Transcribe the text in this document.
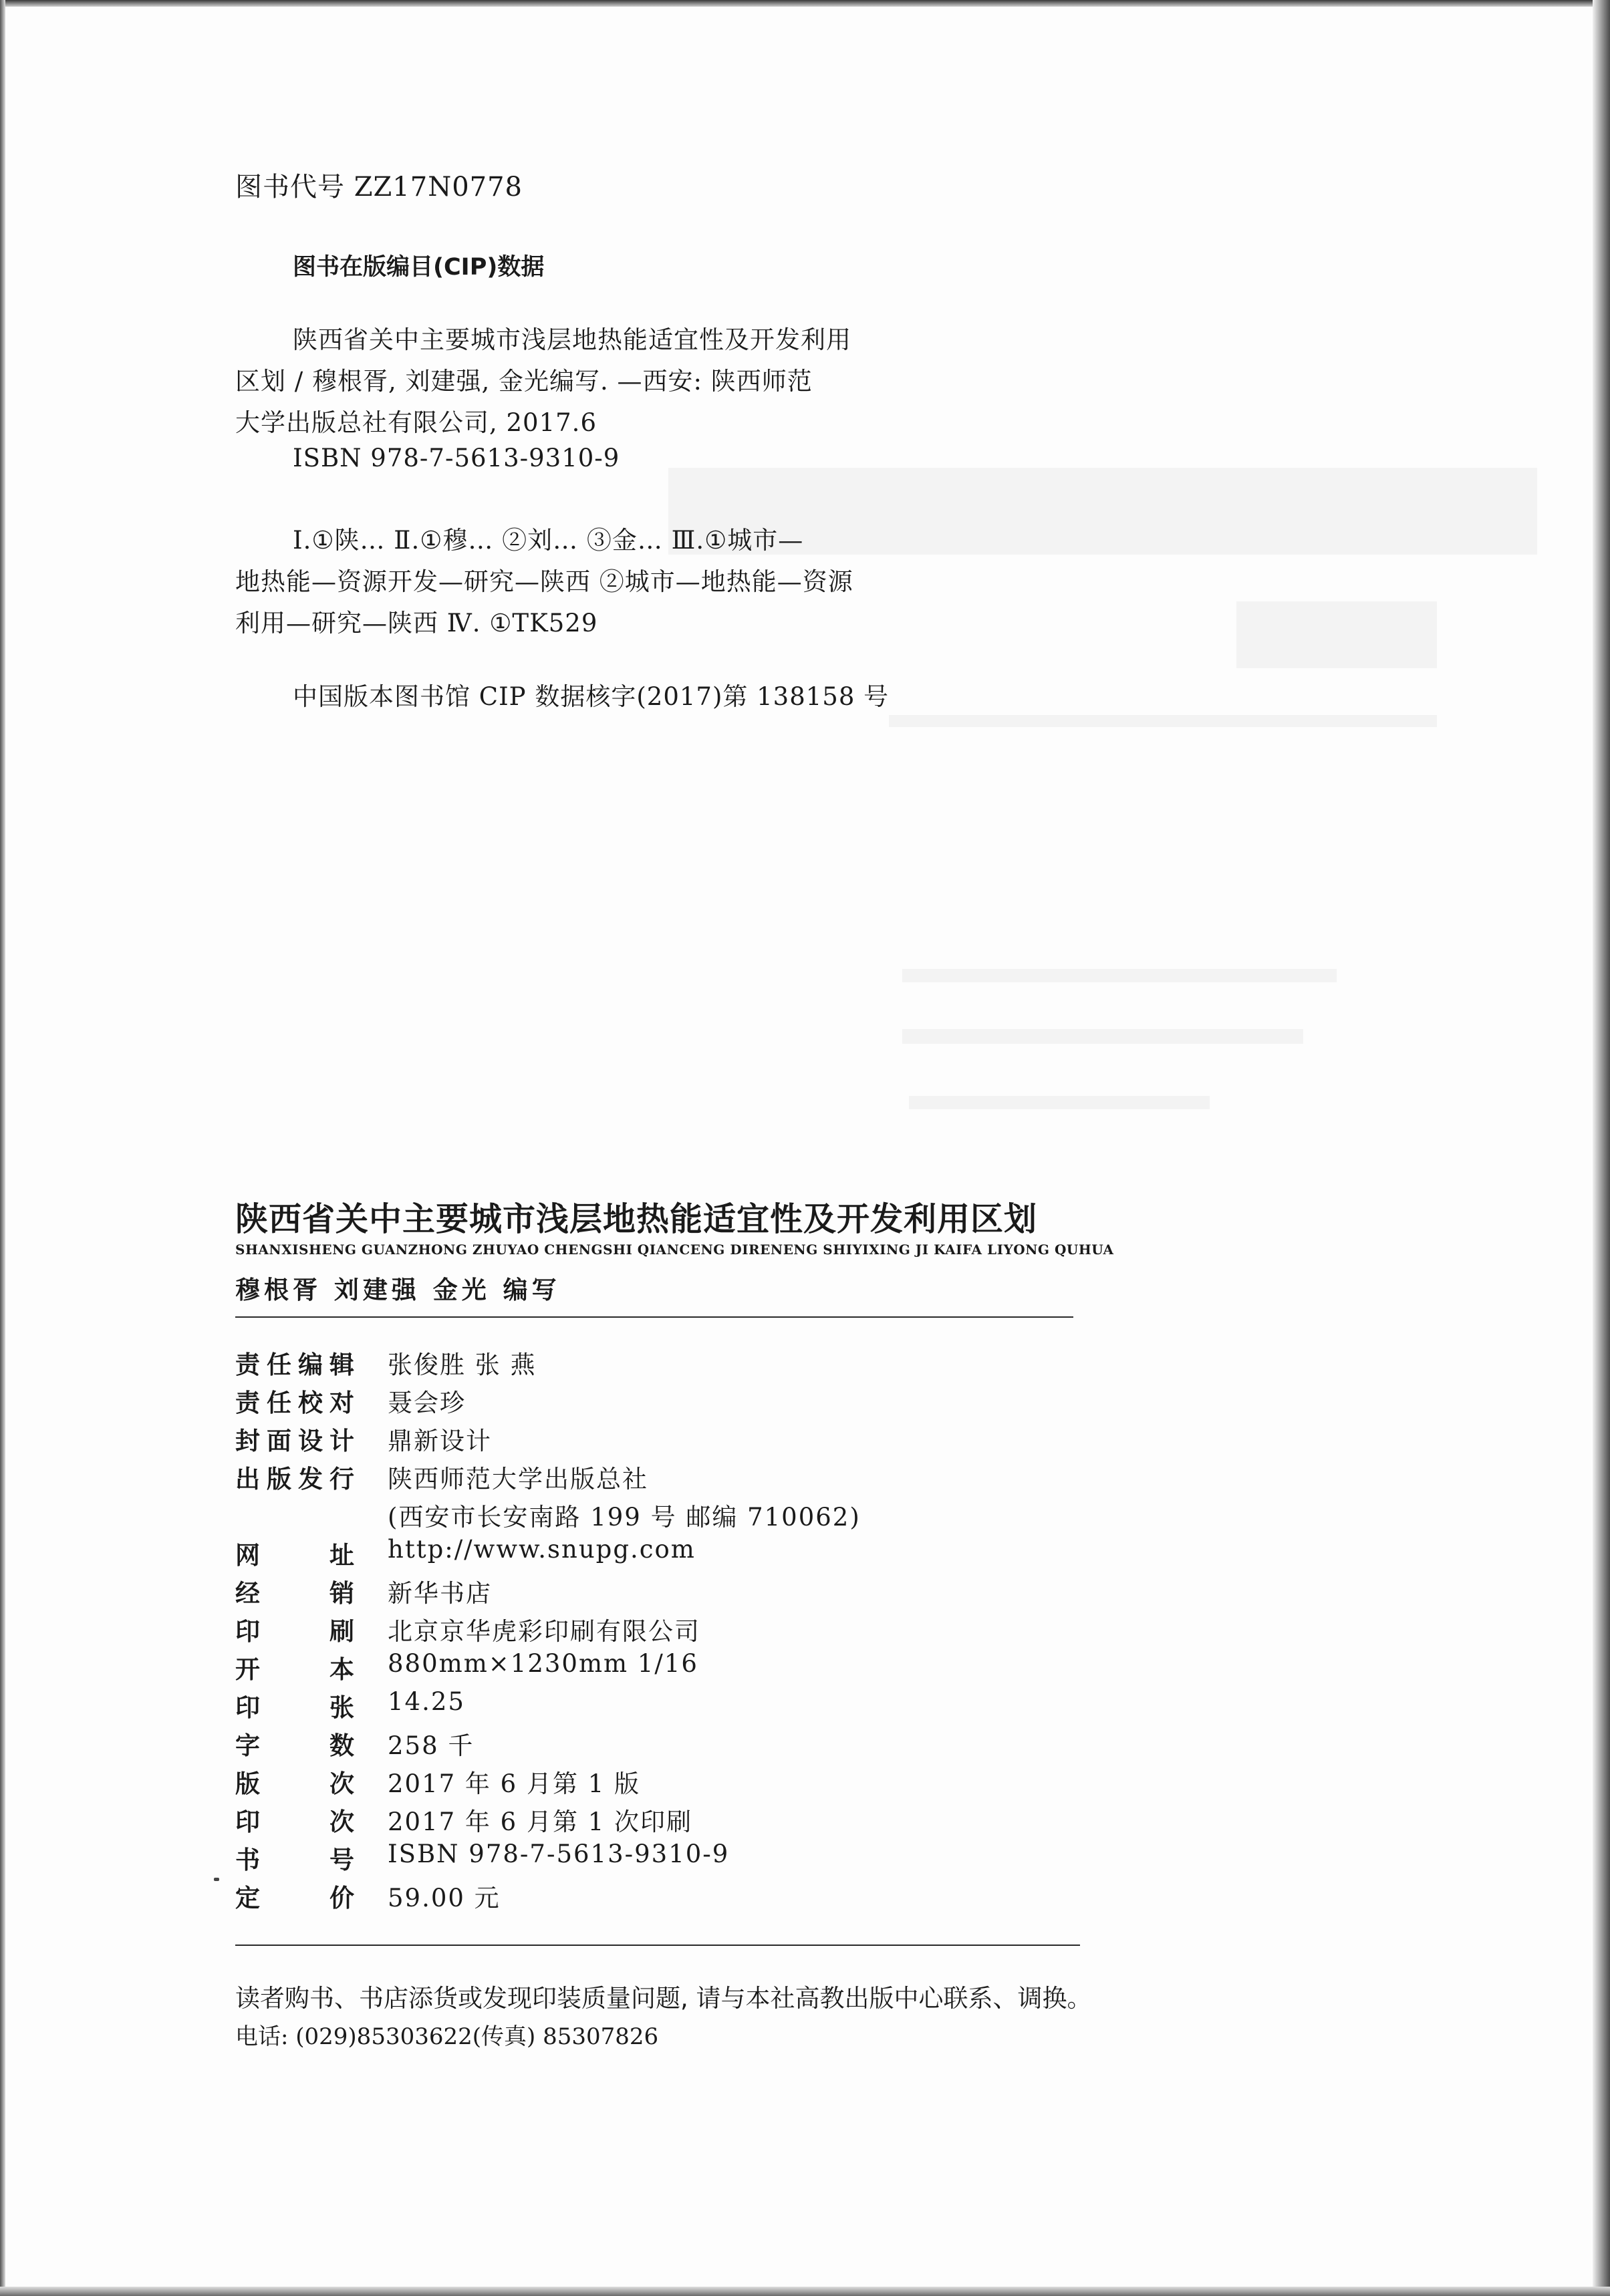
图书代号 ZZ17N0778
图书在版编目(CIP)数据
陕西省关中主要城市浅层地热能适宜性及开发利用
区划 / 穆根胥, 刘建强, 金光编写. —西安: 陕西师范
大学出版总社有限公司, 2017.6
ISBN 978-7-5613-9310-9
Ⅰ.①陕… Ⅱ.①穆… ②刘… ③金… Ⅲ.①城市—
地热能—资源开发—研究—陕西 ②城市—地热能—资源
利用—研究—陕西 Ⅳ. ①TK529
中国版本图书馆 CIP 数据核字(2017)第 138158 号
陕西省关中主要城市浅层地热能适宜性及开发利用区划
SHANXISHENG GUANZHONG ZHUYAO CHENGSHI QIANCENG DIRENENG SHIYIXING JI KAIFA LIYONG QUHUA
穆根胥 刘建强 金光 编写
责 任 编 辑 张俊胜 张 燕
责 任 校 对 聂会珍
封 面 设 计 鼎新设计
出 版 发 行 陕西师范大学出版总社
(西安市长安南路 199 号 邮编 710062)
网	址 http://www.snupg.com
经	销 新华书店
印	刷 北京京华虎彩印刷有限公司
开	本 880mm×1230mm 1/16
印	张 14.25
字	数 258 千
版	次 2017 年 6 月第 1 版
印	次 2017 年 6 月第 1 次印刷
书	号 ISBN 978-7-5613-9310-9
定	价 59.00 元
读者购书、书店添货或发现印装质量问题, 请与本社高教出版中心联系、调换。
电话: (029)85303622(传真) 85307826
